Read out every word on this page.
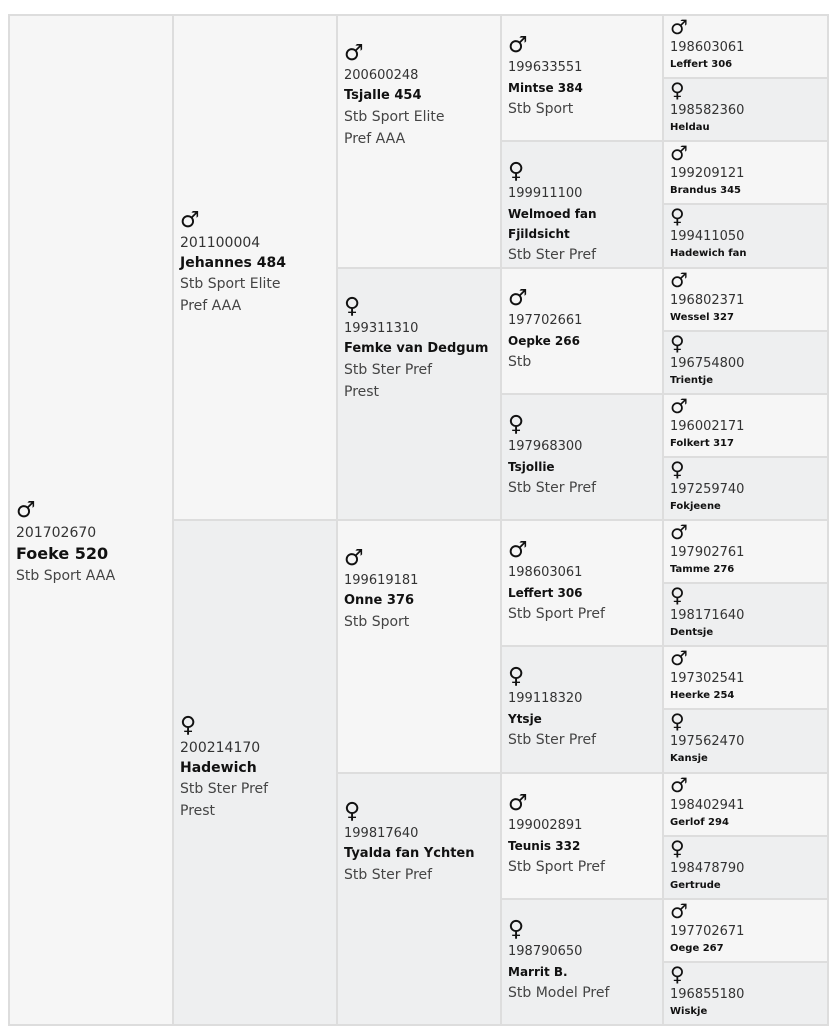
♂
201702670
Foeke 520
Stb Sport AAA
♂
201100004
Jehannes 484
Stb Sport Elite
Pref AAA
♀
200214170
Hadewich
Stb Ster Pref
Prest
♂
200600248
Tsjalle 454
Stb Sport Elite
Pref AAA
♀
199311310
Femke van Dedgum
Stb Ster Pref
Prest
♂
199619181
Onne 376
Stb Sport
♀
199817640
Tyalda fan Ychten
Stb Ster Pref
♂
199633551
Mintse 384
Stb Sport
♀
199911100
Welmoed fan Fjildsicht
Stb Ster Pref
♂
197702661
Oepke 266
Stb
♀
197968300
Tsjollie
Stb Ster Pref
♂
198603061
Leffert 306
Stb Sport Pref
♀
199118320
Ytsje
Stb Ster Pref
♂
199002891
Teunis 332
Stb Sport Pref
♀
198790650
Marrit B.
Stb Model Pref
♂
198603061
Leffert 306
♀
198582360
Heldau
♂
199209121
Brandus 345
♀
199411050
Hadewich fan
♂
196802371
Wessel 327
♀
196754800
Trientje
♂
196002171
Folkert 317
♀
197259740
Fokjeene
♂
197902761
Tamme 276
♀
198171640
Dentsje
♂
197302541
Heerke 254
♀
197562470
Kansje
♂
198402941
Gerlof 294
♀
198478790
Gertrude
♂
197702671
Oege 267
♀
196855180
Wiskje
